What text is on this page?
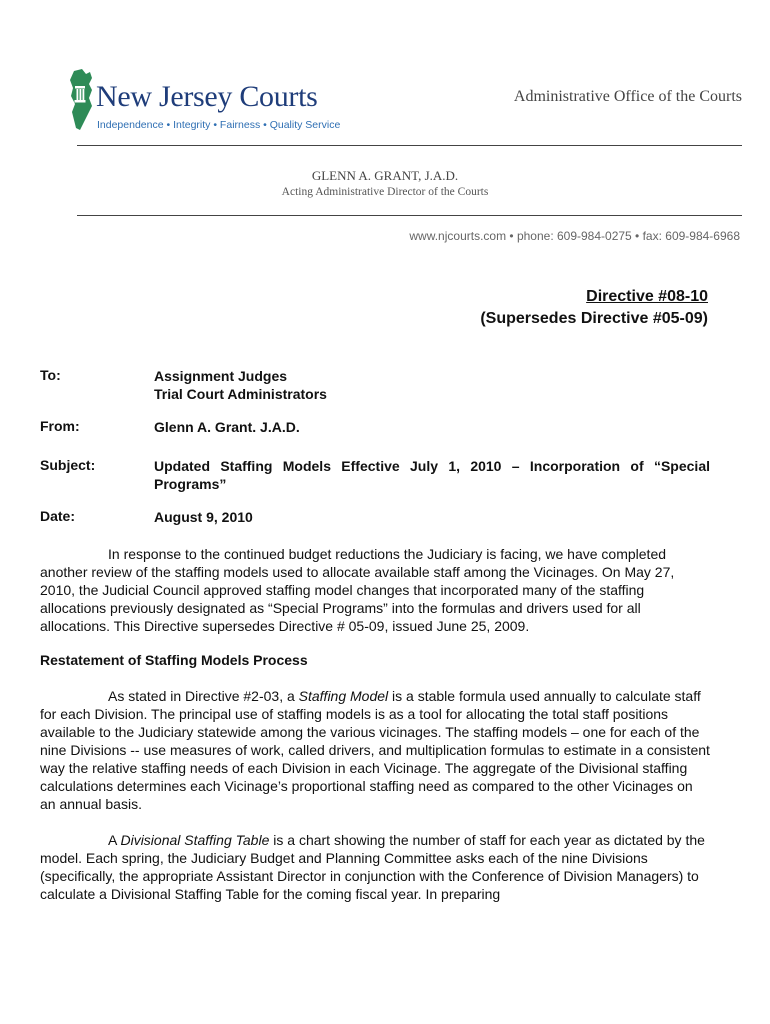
New Jersey Courts
Independence • Integrity • Fairness • Quality Service
Administrative Office of the Courts
GLENN A. GRANT, J.A.D.
Acting Administrative Director of the Courts
www.njcourts.com • phone: 609-984-0275 • fax: 609-984-6968
Directive #08-10
(Supersedes Directive #05-09)
To:	Assignment Judges
Trial Court Administrators
From:	Glenn A. Grant. J.A.D.
Subject:	Updated Staffing Models Effective July 1, 2010 – Incorporation of “Special Programs”
Date:	August 9, 2010

In response to the continued budget reductions the Judiciary is facing, we have completed another review of the staffing models used to allocate available staff among the Vicinages. On May 27, 2010, the Judicial Council approved staffing model changes that incorporated many of the staffing allocations previously designated as “Special Programs” into the formulas and drivers used for all allocations. This Directive supersedes Directive # 05-09, issued June 25, 2009.

Restatement of Staffing Models Process

As stated in Directive #2-03, a Staffing Model is a stable formula used annually to calculate staff for each Division. The principal use of staffing models is as a tool for allocating the total staff positions available to the Judiciary statewide among the various vicinages. The staffing models – one for each of the nine Divisions -- use measures of work, called drivers, and multiplication formulas to estimate in a consistent way the relative staffing needs of each Division in each Vicinage. The aggregate of the Divisional staffing calculations determines each Vicinage’s proportional staffing need as compared to the other Vicinages on an annual basis.

A Divisional Staffing Table is a chart showing the number of staff for each year as dictated by the model. Each spring, the Judiciary Budget and Planning Committee asks each of the nine Divisions (specifically, the appropriate Assistant Director in conjunction with the Conference of Division Managers) to calculate a Divisional Staffing Table for the coming fiscal year. In preparing
